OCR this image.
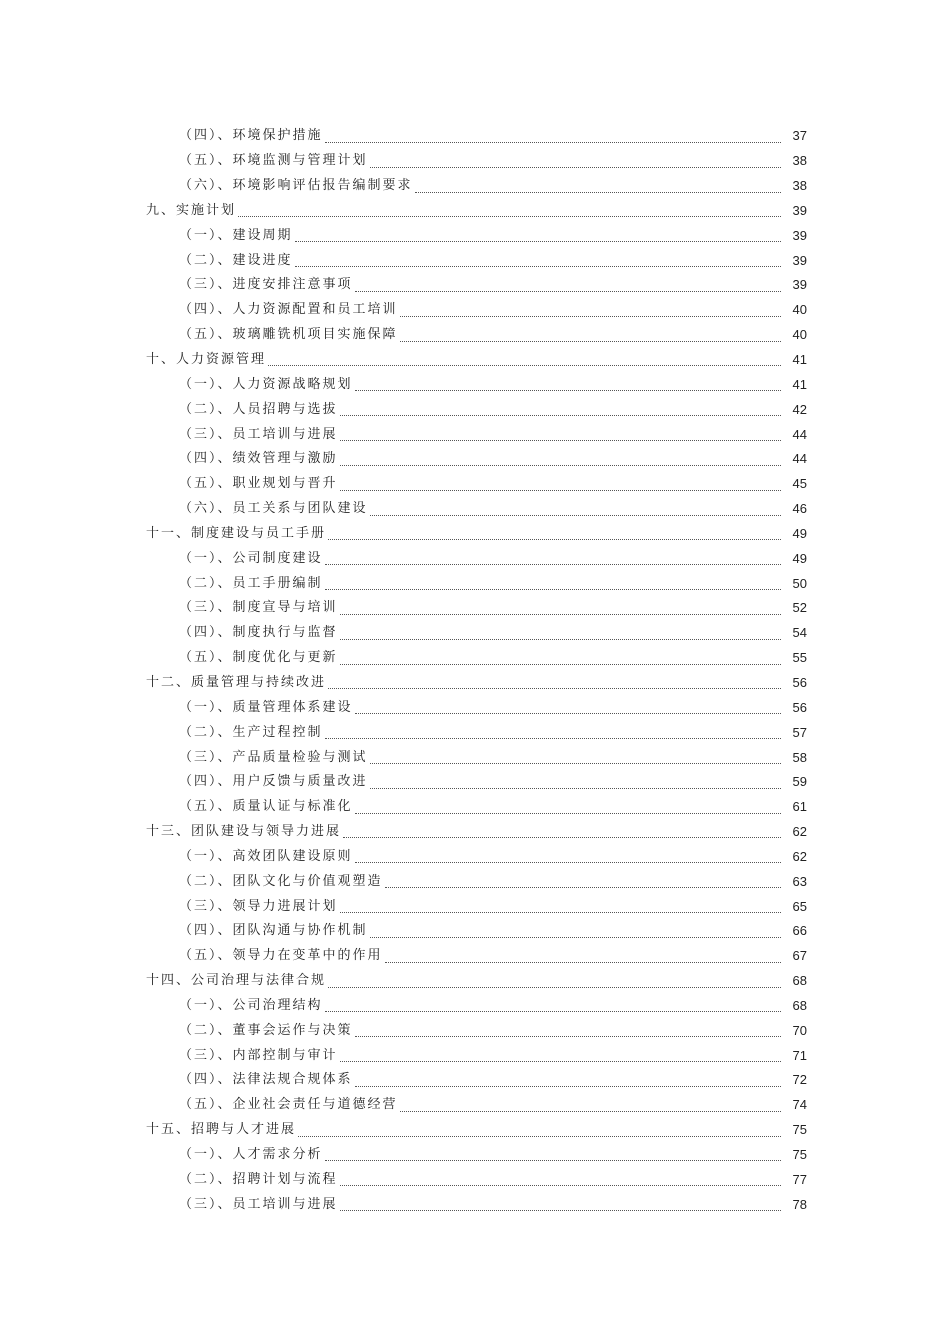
（四）、环境保护措施	37
（五）、环境监测与管理计划	38
（六）、环境影响评估报告编制要求	38
九、实施计划	39
（一）、建设周期	39
（二）、建设进度	39
（三）、进度安排注意事项	39
（四）、人力资源配置和员工培训	40
（五）、玻璃雕铣机项目实施保障	40
十、人力资源管理	41
（一）、人力资源战略规划	41
（二）、人员招聘与选拔	42
（三）、员工培训与进展	44
（四）、绩效管理与激励	44
（五）、职业规划与晋升	45
（六）、员工关系与团队建设	46
十一、制度建设与员工手册	49
（一）、公司制度建设	49
（二）、员工手册编制	50
（三）、制度宣导与培训	52
（四）、制度执行与监督	54
（五）、制度优化与更新	55
十二、质量管理与持续改进	56
（一）、质量管理体系建设	56
（二）、生产过程控制	57
（三）、产品质量检验与测试	58
（四）、用户反馈与质量改进	59
（五）、质量认证与标准化	61
十三、团队建设与领导力进展	62
（一）、高效团队建设原则	62
（二）、团队文化与价值观塑造	63
（三）、领导力进展计划	65
（四）、团队沟通与协作机制	66
（五）、领导力在变革中的作用	67
十四、公司治理与法律合规	68
（一）、公司治理结构	68
（二）、董事会运作与决策	70
（三）、内部控制与审计	71
（四）、法律法规合规体系	72
（五）、企业社会责任与道德经营	74
十五、招聘与人才进展	75
（一）、人才需求分析	75
（二）、招聘计划与流程	77
（三）、员工培训与进展	78
